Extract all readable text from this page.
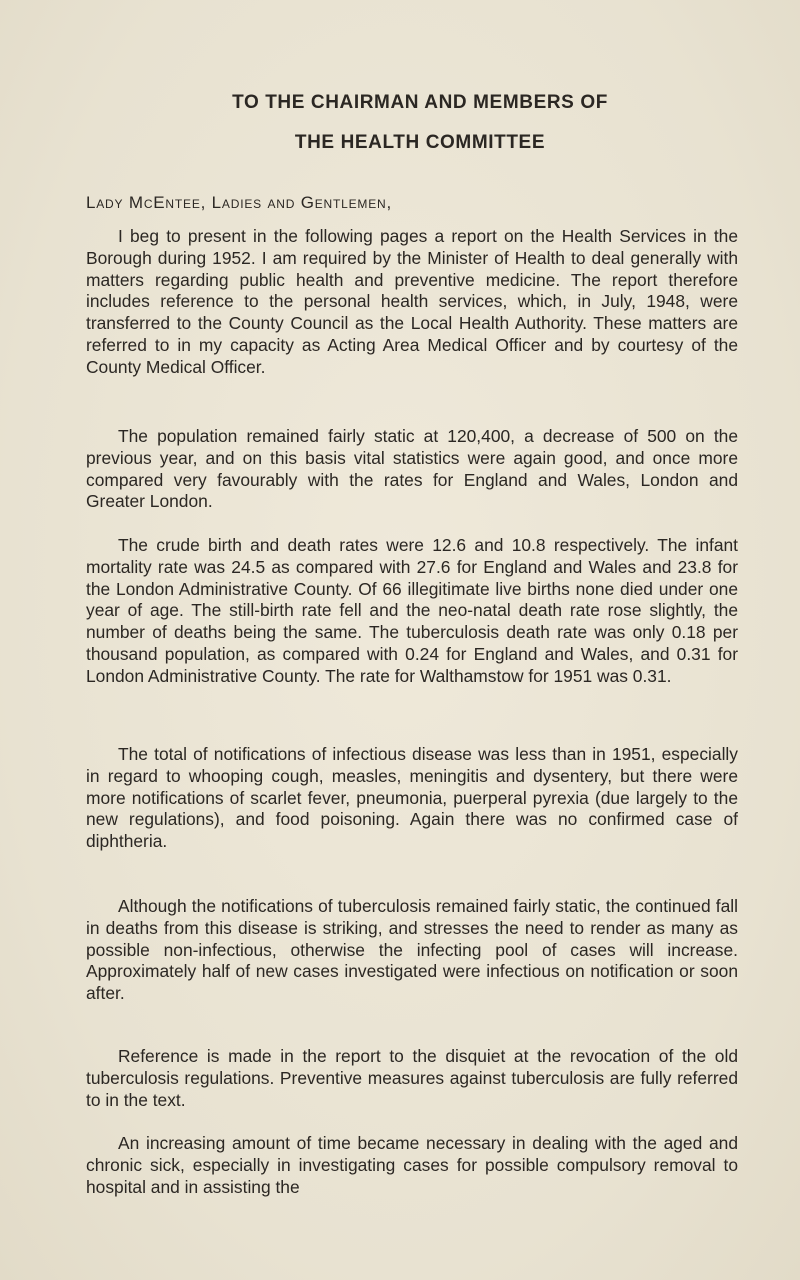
TO THE CHAIRMAN AND MEMBERS OF
THE HEALTH COMMITTEE
Lady McEntee, Ladies and Gentlemen,
I beg to present in the following pages a report on the Health Services in the Borough during 1952. I am required by the Minister of Health to deal generally with matters regarding public health and preventive medicine. The report therefore includes reference to the personal health services, which, in July, 1948, were transferred to the County Council as the Local Health Authority. These matters are referred to in my capacity as Acting Area Medical Officer and by courtesy of the County Medical Officer.
The population remained fairly static at 120,400, a decrease of 500 on the previous year, and on this basis vital statistics were again good, and once more compared very favourably with the rates for England and Wales, London and Greater London.
The crude birth and death rates were 12.6 and 10.8 respectively. The infant mortality rate was 24.5 as compared with 27.6 for England and Wales and 23.8 for the London Administrative County. Of 66 illegitimate live births none died under one year of age. The still-birth rate fell and the neo-natal death rate rose slightly, the number of deaths being the same. The tuberculosis death rate was only 0.18 per thousand population, as compared with 0.24 for England and Wales, and 0.31 for London Administrative County. The rate for Walthamstow for 1951 was 0.31.
The total of notifications of infectious disease was less than in 1951, especially in regard to whooping cough, measles, meningitis and dysentery, but there were more notifications of scarlet fever, pneumonia, puerperal pyrexia (due largely to the new regulations), and food poisoning. Again there was no confirmed case of diphtheria.
Although the notifications of tuberculosis remained fairly static, the continued fall in deaths from this disease is striking, and stresses the need to render as many as possible non-infectious, otherwise the infecting pool of cases will increase. Approximately half of new cases investigated were infectious on notification or soon after.
Reference is made in the report to the disquiet at the revocation of the old tuberculosis regulations. Preventive measures against tuberculosis are fully referred to in the text.
An increasing amount of time became necessary in dealing with the aged and chronic sick, especially in investigating cases for possible compulsory removal to hospital and in assisting the
